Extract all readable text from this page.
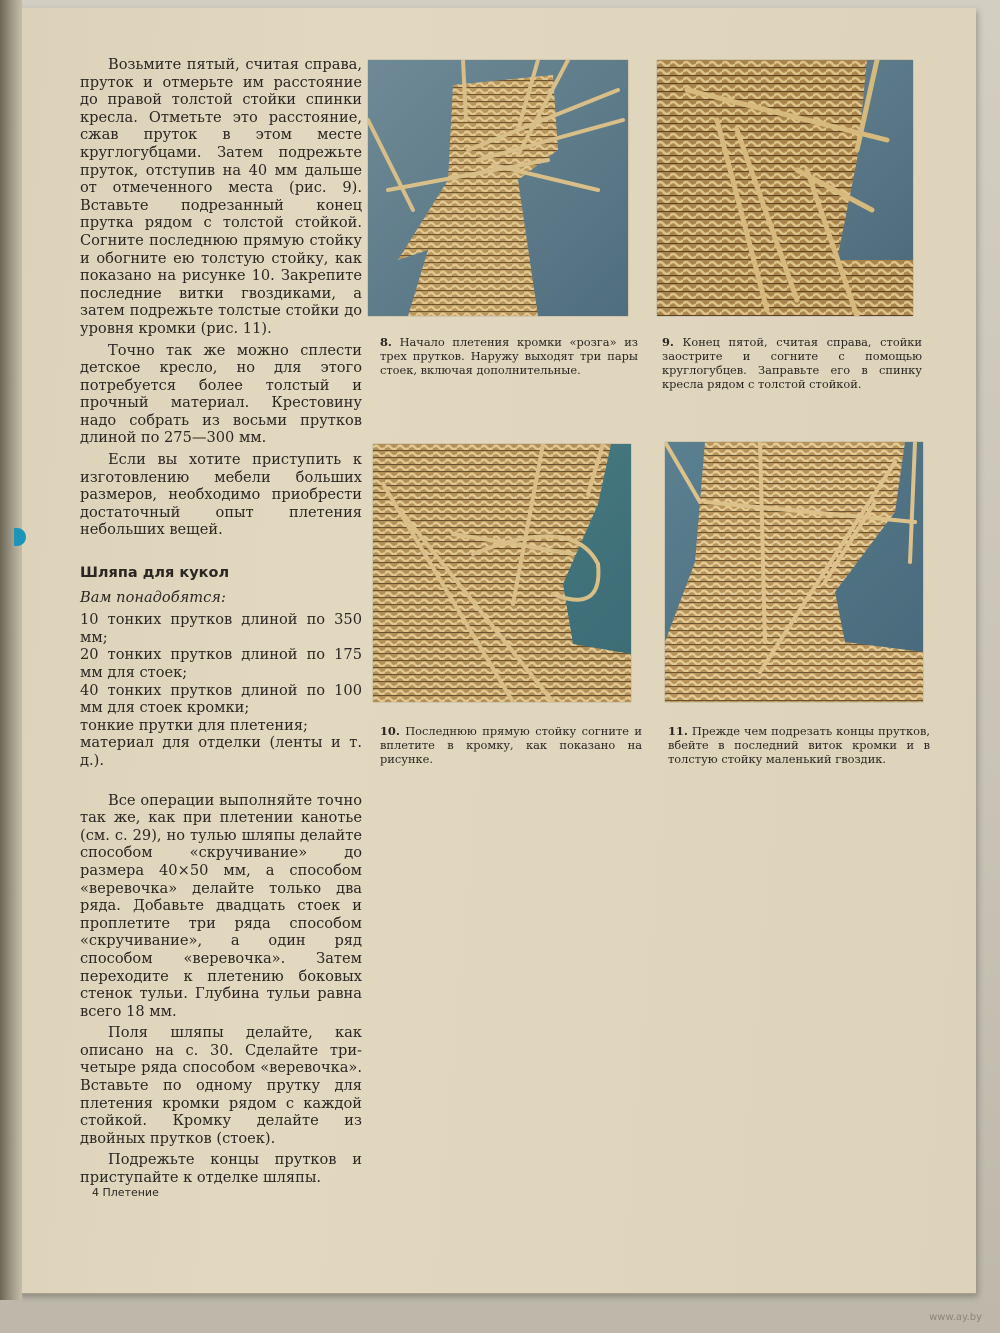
Возьмите пятый, считая справа, пруток и отмерьте им расстояние до правой толстой стойки спинки кресла. Отметьте это расстояние, сжав пруток в этом месте круглогубцами. Затем подрежьте пруток, отступив на 40 мм дальше от отмеченного места (рис. 9). Вставьте подрезанный конец прутка рядом с толстой стойкой. Согните последнюю прямую стойку и обогните ею толстую стойку, как показано на рисунке 10. Закрепите последние витки гвоздиками, а затем подрежьте толстые стойки до уровня кромки (рис. 11).

Точно так же можно сплести детское кресло, но для этого потребуется более толстый и прочный материал. Крестовину надо собрать из восьми прутков длиной по 275—300 мм.

Если вы хотите приступить к изготовлению мебели больших размеров, необходимо приобрести достаточный опыт плетения небольших вещей.

Шляпа для кукол

Вам понадобятся:

10 тонких прутков длиной по 350 мм;

20 тонких прутков длиной по 175 мм для стоек;

40 тонких прутков длиной по 100 мм для стоек кромки;

тонкие прутки для плетения;

материал для отделки (ленты и т. д.).

Все операции выполняйте точно так же, как при плетении канотье (см. с. 29), но тулью шляпы делайте способом «скручивание» до размера 40×50 мм, а способом «веревочка» делайте только два ряда. Добавьте двадцать стоек и проплетите три ряда способом «скручивание», а один ряд способом «веревочка». Затем переходите к плетению боковых стенок тульи. Глубина тульи равна всего 18 мм.

Поля шляпы делайте, как описано на с. 30. Сделайте три-четыре ряда способом «веревочка». Вставьте по одному прутку для плетения кромки рядом с каждой стойкой. Кромку делайте из двойных прутков (стоек).

Подрежьте концы прутков и приступайте к отделке шляпы.

8. Начало плетения кромки «розга» из трех прутков. Наружу выходят три пары стоек, включая дополнительные.
9. Конец пятой, считая справа, стойки заострите и согните с помощью круглогубцев. Заправьте его в спинку кресла рядом с толстой стойкой.
10. Последнюю прямую стойку согните и вплетите в кромку, как показано на рисунке.
11. Прежде чем подрезать концы прутков, вбейте в последний виток кромки и в толстую стойку маленький гвоздик.
4 Плетение
www.ay.by
